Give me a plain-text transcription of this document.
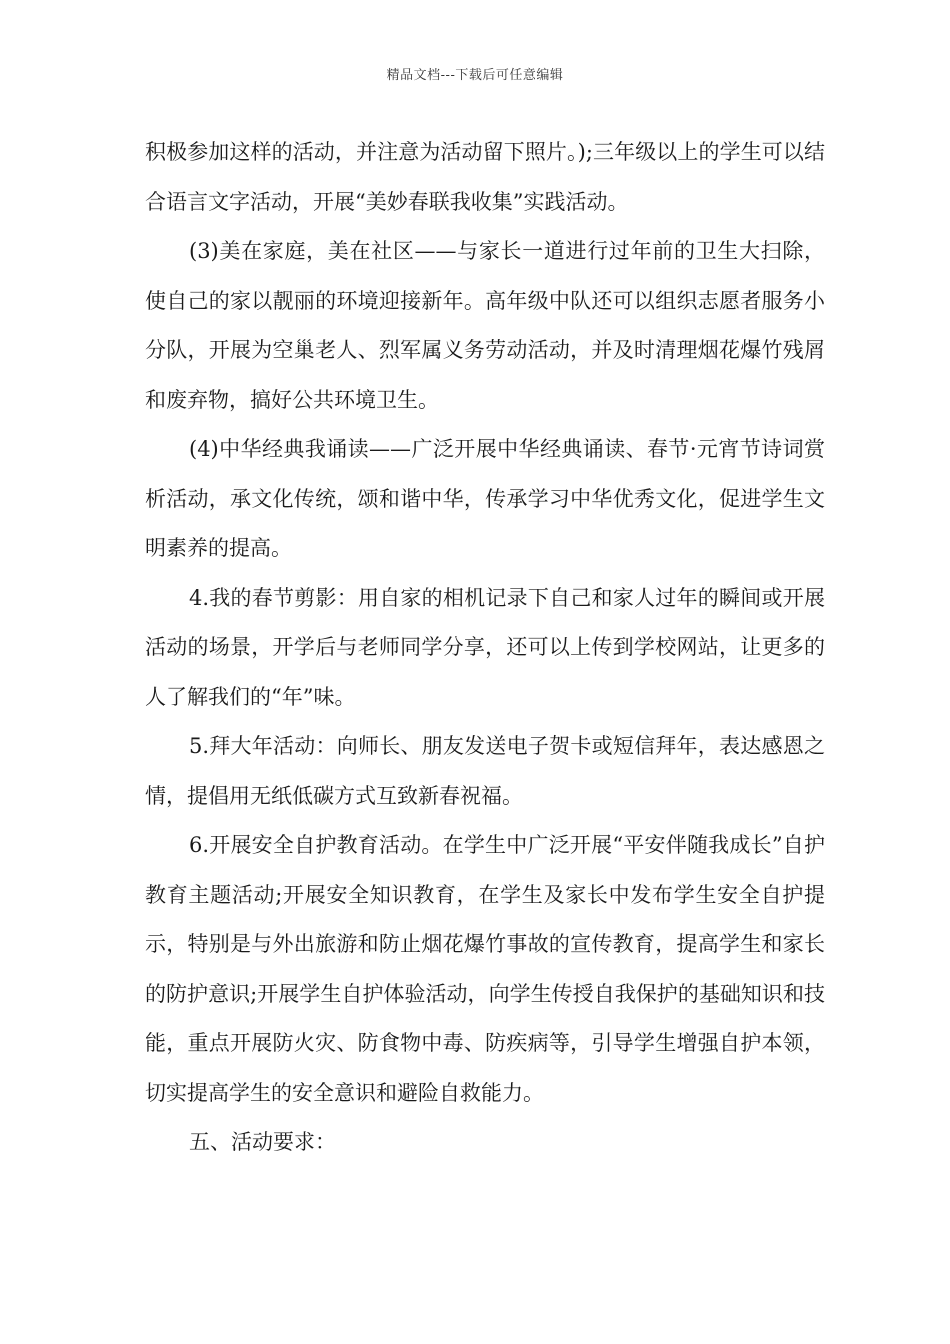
精品文档---下载后可任意编辑

积极参加这样的活动，并注意为活动留下照片。);三年级以上的学生可以结合语言文字活动，开展“美妙春联我收集”实践活动。

(3)美在家庭，美在社区——与家长一道进行过年前的卫生大扫除，使自己的家以靓丽的环境迎接新年。高年级中队还可以组织志愿者服务小分队，开展为空巢老人、烈军属义务劳动活动，并及时清理烟花爆竹残屑和废弃物，搞好公共环境卫生。

(4)中华经典我诵读——广泛开展中华经典诵读、春节·元宵节诗词赏析活动，承文化传统，颂和谐中华，传承学习中华优秀文化，促进学生文明素养的提高。

4.我的春节剪影：用自家的相机记录下自己和家人过年的瞬间或开展活动的场景，开学后与老师同学分享，还可以上传到学校网站，让更多的人了解我们的“年”味。

5.拜大年活动：向师长、朋友发送电子贺卡或短信拜年，表达感恩之情，提倡用无纸低碳方式互致新春祝福。

6.开展安全自护教育活动。在学生中广泛开展“平安伴随我成长”自护教育主题活动;开展安全知识教育，在学生及家长中发布学生安全自护提示，特别是与外出旅游和防止烟花爆竹事故的宣传教育，提高学生和家长的防护意识;开展学生自护体验活动，向学生传授自我保护的基础知识和技能，重点开展防火灾、防食物中毒、防疾病等，引导学生增强自护本领，切实提高学生的安全意识和避险自救能力。

五、活动要求：
